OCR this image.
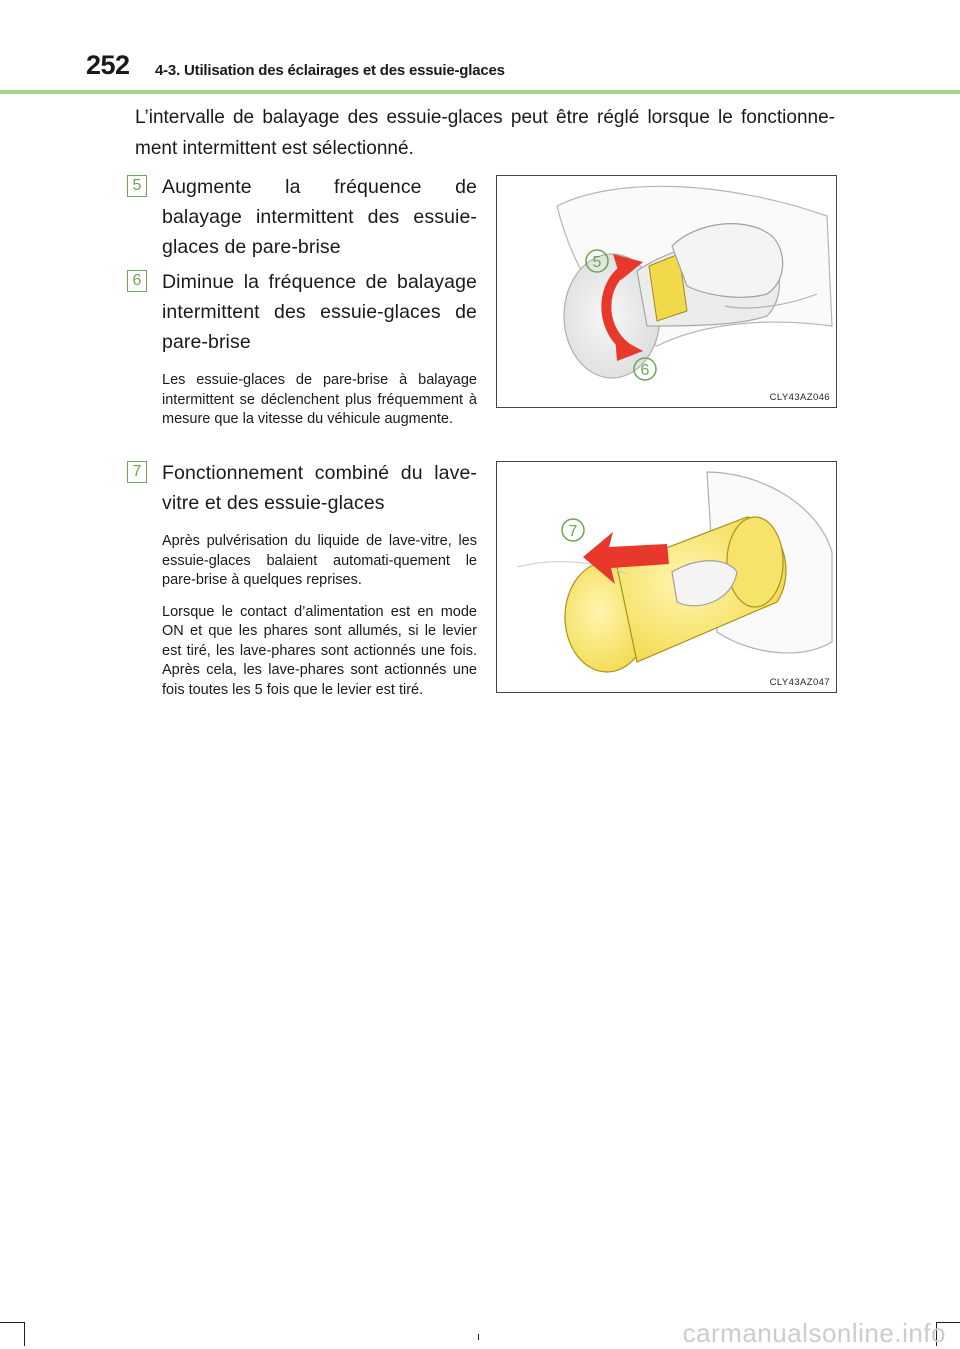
252 4-3. Utilisation des éclairages et des essuie-glaces

L’intervalle de balayage des essuie-glaces peut être réglé lorsque le fonctionne-ment intermittent est sélectionné.

5 Augmente la fréquence de balayage intermittent des essuie-glaces de pare-brise
6 Diminue la fréquence de balayage intermittent des essuie-glaces de pare-brise
Les essuie-glaces de pare-brise à balayage intermittent se déclenchent plus fréquemment à mesure que la vitesse du véhicule augmente.
7 Fonctionnement combiné du lave-vitre et des essuie-glaces
Après pulvérisation du liquide de lave-vitre, les essuie-glaces balaient automati-quement le pare-brise à quelques reprises.
Lorsque le contact d’alimentation est en mode ON et que les phares sont allumés, si le levier est tiré, les lave-phares sont actionnés une fois. Après cela, les lave-phares sont actionnés une fois toutes les 5 fois que le levier est tiré.
5
6
CLY43AZ046
7
CLY43AZ047
carmanualsonline.info
